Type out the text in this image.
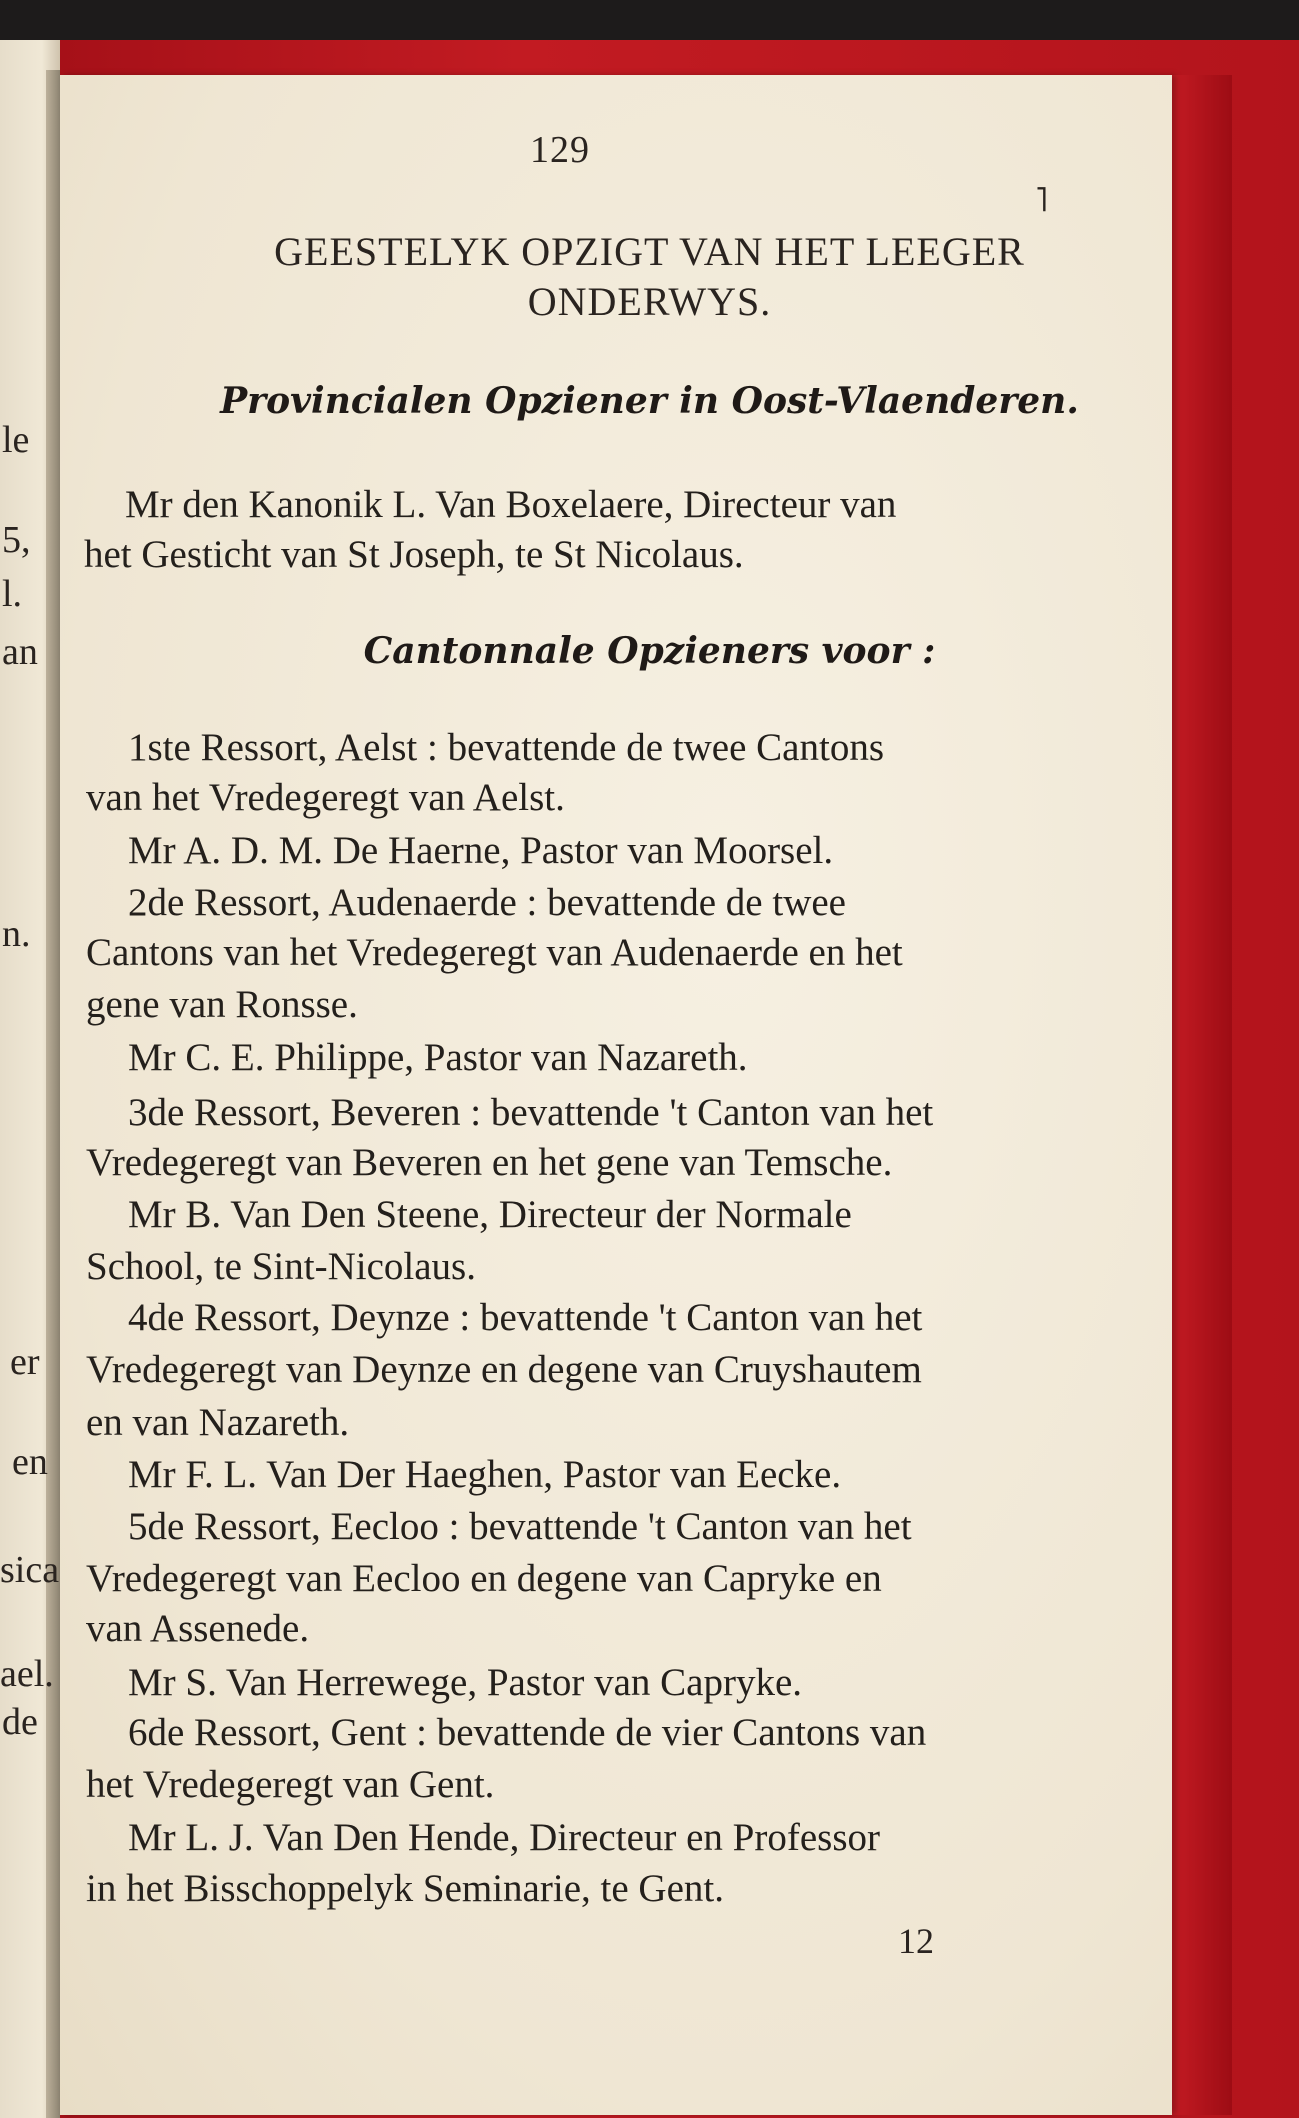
le
5,
l.
an
n.
er
en
sica
ael.
de
129
˥
GEESTELYK OPZIGT VAN HET LEEGER
ONDERWYS.
Provincialen Opziener in Oost-Vlaenderen.
Mr den Kanonik L. Van Boxelaere, Directeur van
het Gesticht van St Joseph, te St Nicolaus.
Cantonnale Opzieners voor :
1ste Ressort, Aelst : bevattende de twee Cantons
van het Vredegeregt van Aelst.
Mr A. D. M. De Haerne, Pastor van Moorsel.
2de Ressort, Audenaerde : bevattende de twee
Cantons van het Vredegeregt van Audenaerde en het
gene van Ronsse.
Mr C. E. Philippe, Pastor van Nazareth.
3de Ressort, Beveren : bevattende 't Canton van het
Vredegeregt van Beveren en het gene van Temsche.
Mr B. Van Den Steene, Directeur der Normale
School, te Sint-Nicolaus.
4de Ressort, Deynze : bevattende 't Canton van het
Vredegeregt van Deynze en degene van Cruyshautem
en van Nazareth.
Mr F. L. Van Der Haeghen, Pastor van Eecke.
5de Ressort, Eecloo : bevattende 't Canton van het
Vredegeregt van Eecloo en degene van Capryke en
van Assenede.
Mr S. Van Herrewege, Pastor van Capryke.
6de Ressort, Gent : bevattende de vier Cantons van
het Vredegeregt van Gent.
Mr L. J. Van Den Hende, Directeur en Professor
in het Bisschoppelyk Seminarie, te Gent.
12
